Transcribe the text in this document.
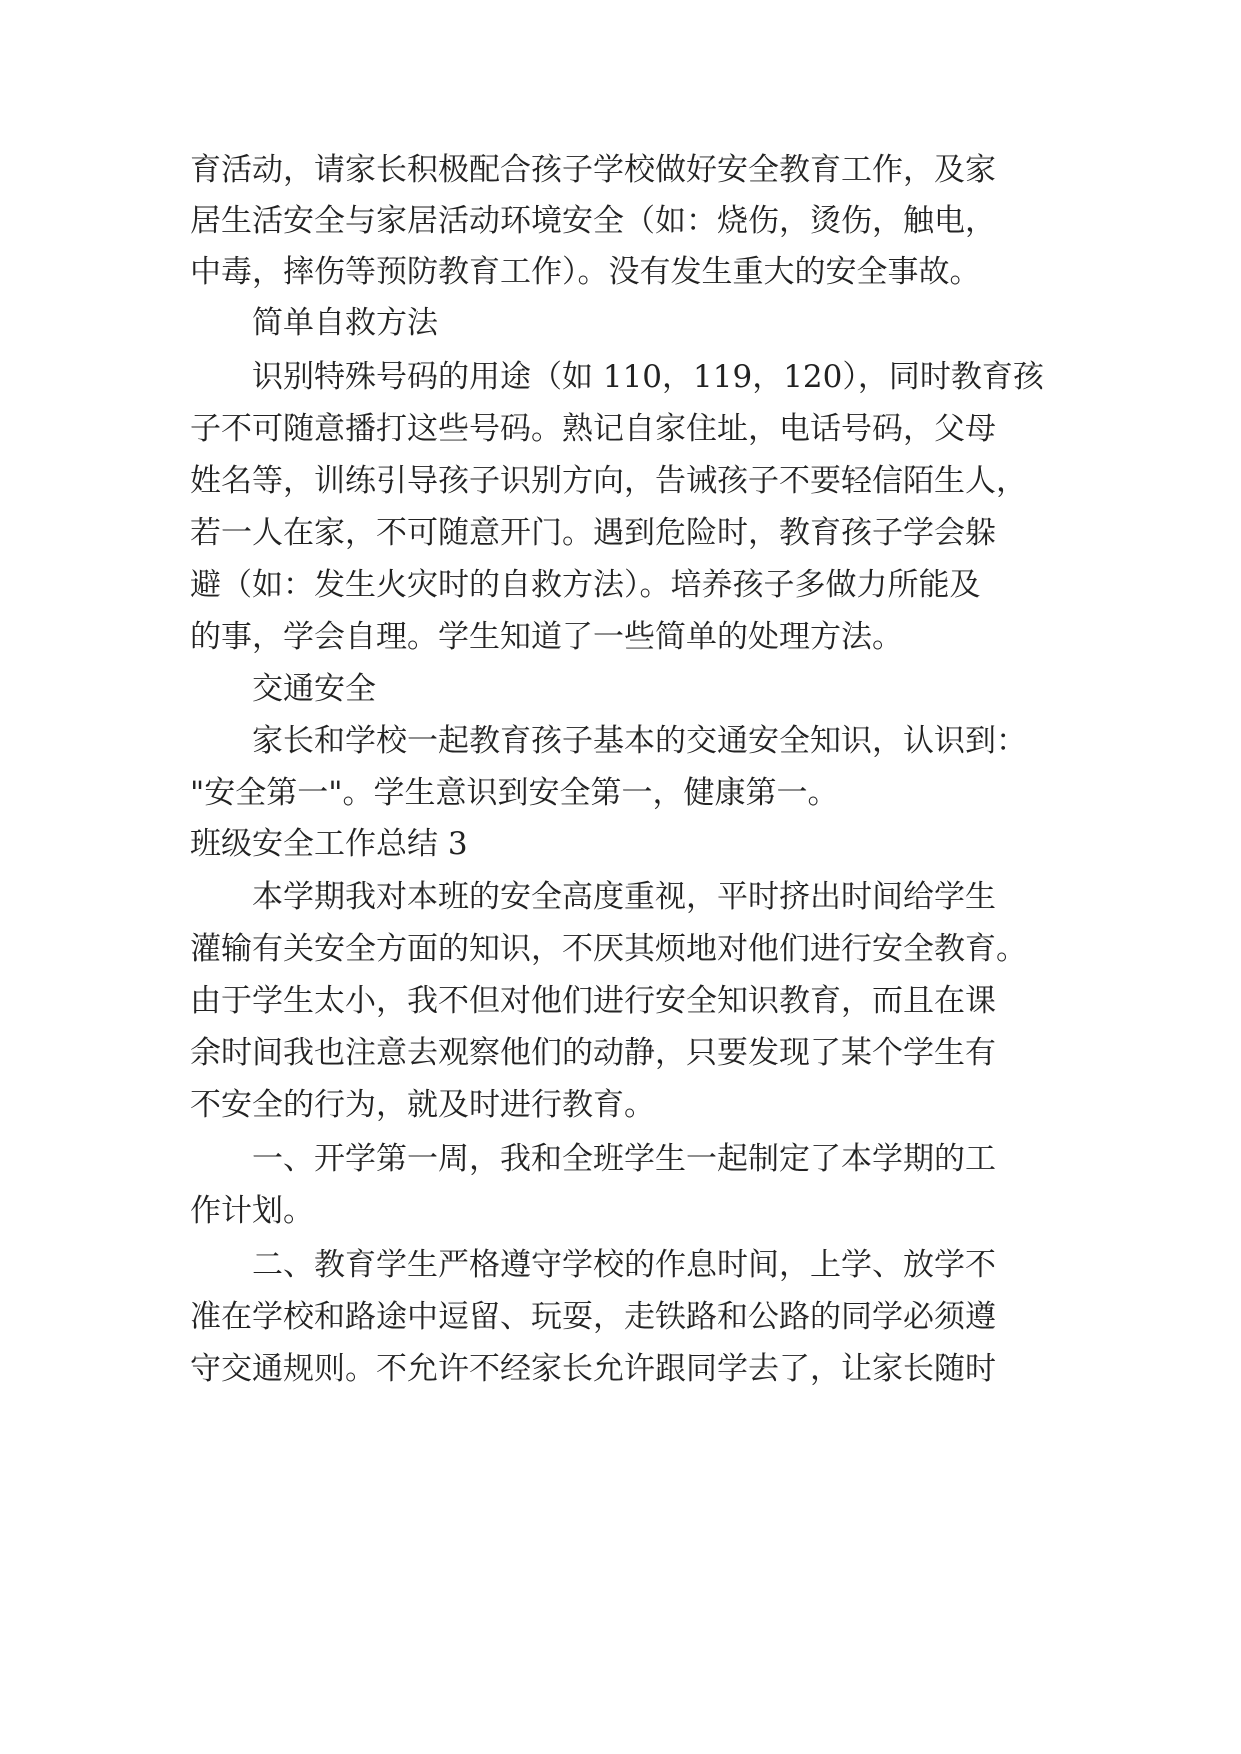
育活动，请家长积极配合孩子学校做好安全教育工作，及家

居生活安全与家居活动环境安全（如：烧伤，烫伤，触电，

中毒，摔伤等预防教育工作）。没有发生重大的安全事故。

简单自救方法

识别特殊号码的用途（如 110，119，120），同时教育孩

子不可随意播打这些号码。熟记自家住址，电话号码，父母

姓名等，训练引导孩子识别方向，告诫孩子不要轻信陌生人，

若一人在家，不可随意开门。遇到危险时，教育孩子学会躲

避（如：发生火灾时的自救方法）。培养孩子多做力所能及

的事，学会自理。学生知道了一些简单的处理方法。

交通安全

家长和学校一起教育孩子基本的交通安全知识，认识到：

"安全第一"。学生意识到安全第一，健康第一。

班级安全工作总结 3

本学期我对本班的安全高度重视，平时挤出时间给学生

灌输有关安全方面的知识，不厌其烦地对他们进行安全教育。

由于学生太小，我不但对他们进行安全知识教育，而且在课

余时间我也注意去观察他们的动静，只要发现了某个学生有

不安全的行为，就及时进行教育。

一、开学第一周，我和全班学生一起制定了本学期的工

作计划。

二、教育学生严格遵守学校的作息时间，上学、放学不

准在学校和路途中逗留、玩耍，走铁路和公路的同学必须遵

守交通规则。不允许不经家长允许跟同学去了，让家长随时
